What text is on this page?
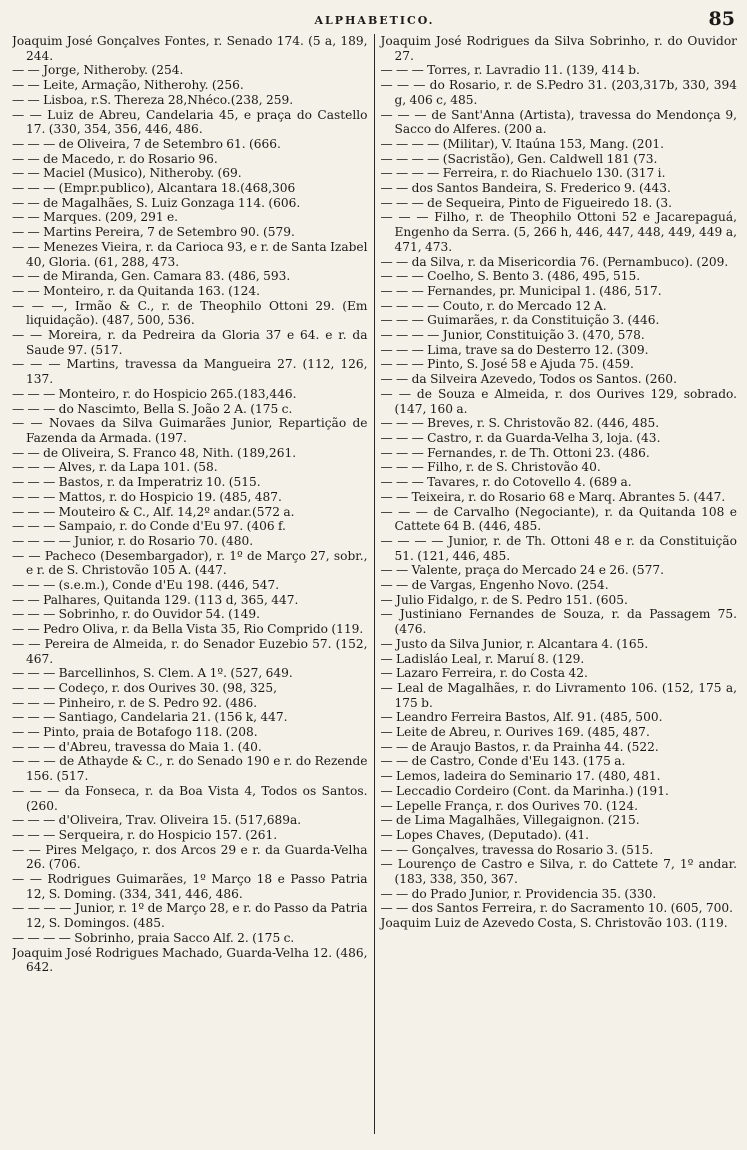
ALPHABETICO.	85
Joaquim José Gonçalves Fontes, r. Senado 174. (5 a, 189, 244.
— — Jorge, Nitheroby. (254.
— — Leite, Armação, Nitherohy. (256.
— — Lisboa, r.S. Thereza 28,Nhéco.(238, 259.
— — Luiz de Abreu, Candelaria 45, e praça do Castello 17. (330, 354, 356, 446, 486.
— — — de Oliveira, 7 de Setembro 61. (666.
— — de Macedo, r. do Rosario 96.
— — Maciel (Musico), Nitheroby. (69.
— — — (Empr.publico), Alcantara 18.(468,306
— — de Magalhães, S. Luiz Gonzaga 114. (606.
— — Marques. (209, 291 e.
— — Martins Pereira, 7 de Setembro 90. (579.
— — Menezes Vieira, r. da Carioca 93, e r. de Santa Izabel 40, Gloria. (61, 288, 473.
— — de Miranda, Gen. Camara 83. (486, 593.
— — Monteiro, r. da Quitanda 163. (124.
— — —, Irmão & C., r. de Theophilo Ottoni 29. (Em liquidação). (487, 500, 536.
— — Moreira, r. da Pedreira da Gloria 37 e 64. e r. da Saude 97. (517.
— — — Martins, travessa da Mangueira 27. (112, 126, 137.
— — — Monteiro, r. do Hospicio 265.(183,446.
— — — do Nascimto, Bella S. João 2 A. (175 c.
— — Novaes da Silva Guimarães Junior, Repartição de Fazenda da Armada. (197.
— — de Oliveira, S. Franco 48, Nith. (189,261.
— — — Alves, r. da Lapa 101. (58.
— — — Bastos, r. da Imperatriz 10. (515.
— — — Mattos, r. do Hospicio 19. (485, 487.
— — — Mouteiro & C., Alf. 14,2º andar.(572 a.
— — — Sampaio, r. do Conde d'Eu 97. (406 f.
— — — — Junior, r. do Rosario 70. (480.
— — Pacheco (Desembargador), r. 1º de Março 27, sobr., e r. de S. Christovão 105 A. (447.
— — — (s.e.m.), Conde d'Eu 198. (446, 547.
— — Palhares, Quitanda 129. (113 d, 365, 447.
— — — Sobrinho, r. do Ouvidor 54. (149.
— — Pedro Oliva, r. da Bella Vista 35, Rio Comprido (119.
— — Pereira de Almeida, r. do Senador Euzebio 57. (152, 467.
— — — Barcellinhos, S. Clem. A 1º. (527, 649.
— — — Codeço, r. dos Ourives 30. (98, 325,
— — — Pinheiro, r. de S. Pedro 92. (486.
— — — Santiago, Candelaria 21. (156 k, 447.
— — Pinto, praia de Botafogo 118. (208.
— — — d'Abreu, travessa do Maia 1. (40.
— — — de Athayde & C., r. do Senado 190 e r. do Rezende 156. (517.
— — — da Fonseca, r. da Boa Vista 4, Todos os Santos. (260.
— — — d'Oliveira, Trav. Oliveira 15. (517,689a.
— — — Serqueira, r. do Hospicio 157. (261.
— — Pires Melgaço, r. dos Arcos 29 e r. da Guarda-Velha 26. (706.
— — Rodrigues Guimarães, 1º Março 18 e Passo Patria 12, S. Doming. (334, 341, 446, 486.
— — — — Junior, r. 1º de Março 28, e r. do Passo da Patria 12, S. Domingos. (485.
— — — — Sobrinho, praia Sacco Alf. 2. (175 c.
Joaquim José Rodrigues Machado, Guarda-Velha 12. (486, 642.
Joaquim José Rodrigues da Silva Sobrinho, r. do Ouvidor 27.
— — — Torres, r. Lavradio 11. (139, 414 b.
— — — do Rosario, r. de S.Pedro 31. (203,317b, 330, 394 g, 406 c, 485.
— — — de Sant'Anna (Artista), travessa do Mendonça 9, Sacco do Alferes. (200 a.
— — — — (Militar), V. Itaúna 153, Mang. (201.
— — — — (Sacristão), Gen. Caldwell 181 (73.
— — — — Ferreira, r. do Riachuelo 130. (317 i.
— — dos Santos Bandeira, S. Frederico 9. (443.
— — — de Sequeira, Pinto de Figueiredo 18. (3.
— — — Filho, r. de Theophilo Ottoni 52 e Jacarepaguá, Engenho da Serra. (5, 266 h, 446, 447, 448, 449, 449 a, 471, 473.
— — da Silva, r. da Misericordia 76. (Pernambuco). (209.
— — — Coelho, S. Bento 3. (486, 495, 515.
— — — Fernandes, pr. Municipal 1. (486, 517.
— — — — Couto, r. do Mercado 12 A.
— — — Guimarães, r. da Constituição 3. (446.
— — — — Junior, Constituição 3. (470, 578.
— — — Lima, trave sa do Desterro 12. (309.
— — — Pinto, S. José 58 e Ajuda 75. (459.
— — da Silveira Azevedo, Todos os Santos. (260.
— — de Souza e Almeida, r. dos Ourives 129, sobrado. (147, 160 a.
— — — Breves, r. S. Christovão 82. (446, 485.
— — — Castro, r. da Guarda-Velha 3, loja. (43.
— — — Fernandes, r. de Th. Ottoni 23. (486.
— — — Filho, r. de S. Christovão 40.
— — — Tavares, r. do Cotovello 4. (689 a.
— — Teixeira, r. do Rosario 68 e Marq. Abrantes 5. (447.
— — — de Carvalho (Negociante), r. da Quitanda 108 e Cattete 64 B. (446, 485.
— — — — Junior, r. de Th. Ottoni 48 e r. da Constituição 51. (121, 446, 485.
— — Valente, praça do Mercado 24 e 26. (577.
— — de Vargas, Engenho Novo. (254.
— Julio Fidalgo, r. de S. Pedro 151. (605.
— Justiniano Fernandes de Souza, r. da Passagem 75. (476.
— Justo da Silva Junior, r. Alcantara 4. (165.
— Ladisláo Leal, r. Maruí 8. (129.
— Lazaro Ferreira, r. do Costa 42.
— Leal de Magalhães, r. do Livramento 106. (152, 175 a, 175 b.
— Leandro Ferreira Bastos, Alf. 91. (485, 500.
— Leite de Abreu, r. Ourives 169. (485, 487.
— — de Araujo Bastos, r. da Prainha 44. (522.
— — de Castro, Conde d'Eu 143. (175 a.
— Lemos, ladeira do Seminario 17. (480, 481.
— Leccadio Cordeiro (Cont. da Marinha.) (191.
— Lepelle França, r. dos Ourives 70. (124.
— de Lima Magalhães, Villegaignon. (215.
— Lopes Chaves, (Deputado). (41.
— — Gonçalves, travessa do Rosario 3. (515.
— Lourenço de Castro e Silva, r. do Cattete 7, 1º andar. (183, 338, 350, 367.
— — do Prado Junior, r. Providencia 35. (330.
— — dos Santos Ferreira, r. do Sacramento 10. (605, 700.
Joaquim Luiz de Azevedo Costa, S. Christovão 103. (119.
